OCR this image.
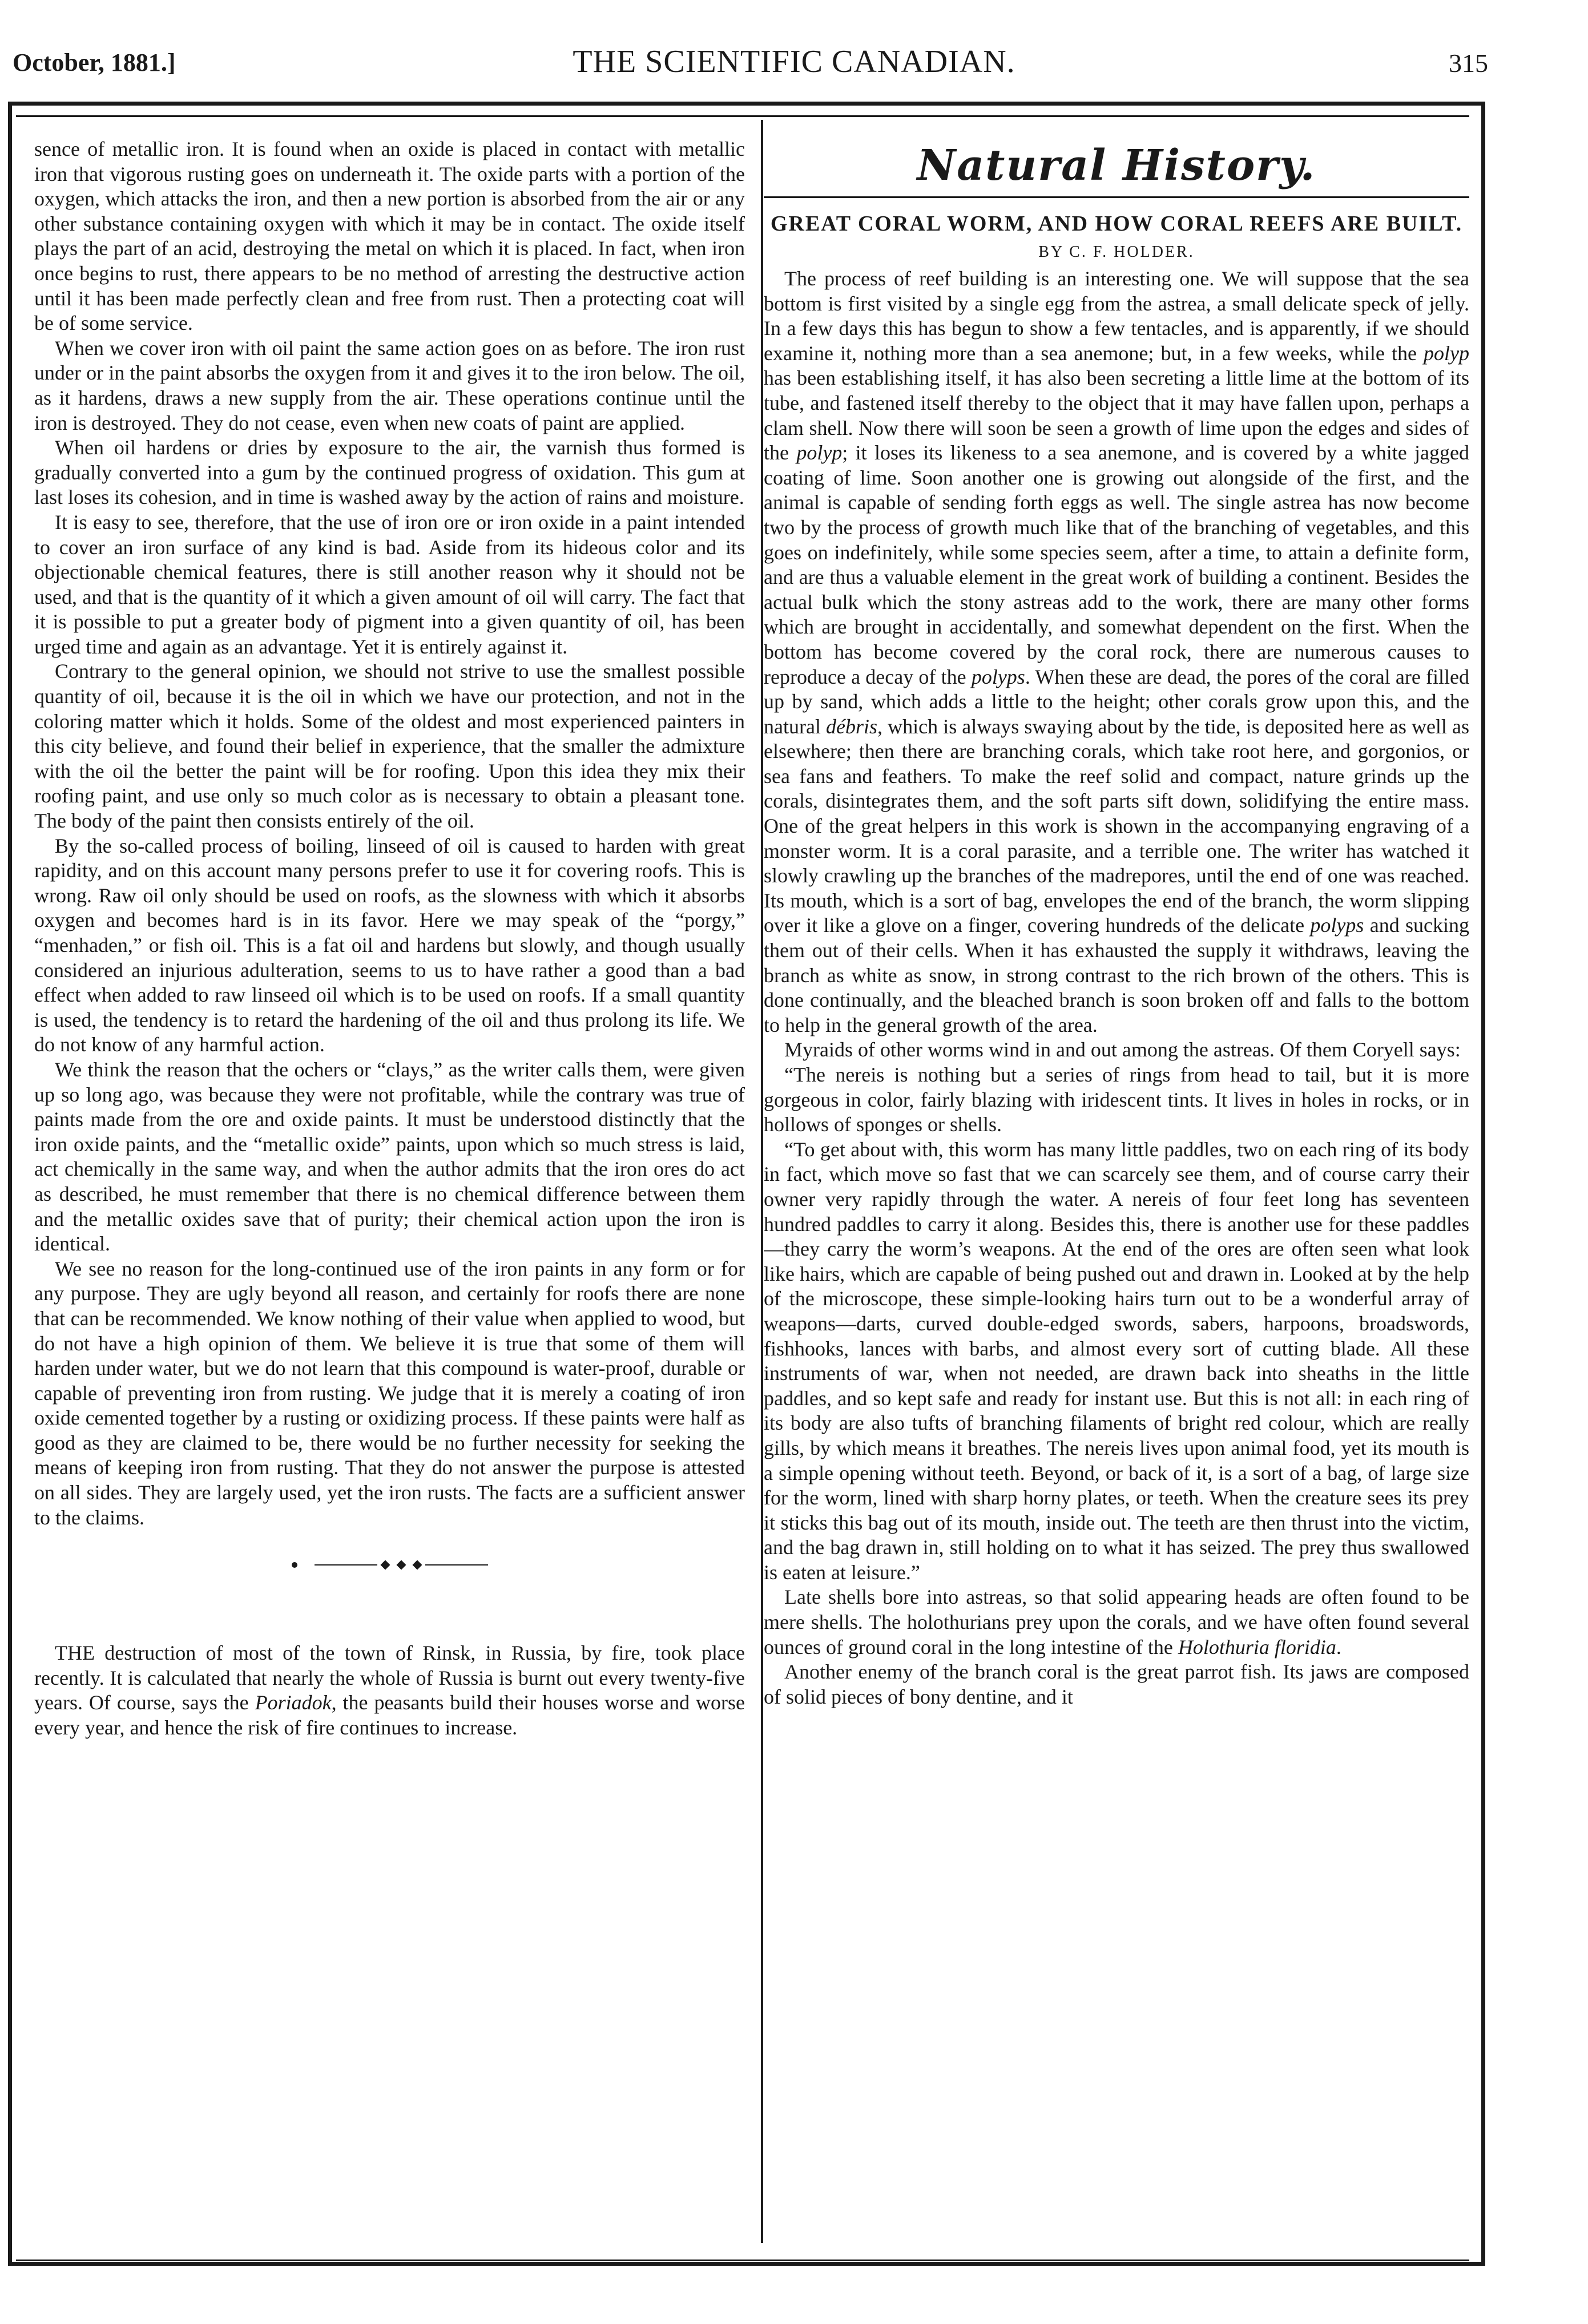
October, 1881.]	THE SCIENTIFIC CANADIAN.	315

sence of metallic iron. It is found when an oxide is placed in contact with metallic iron that vigorous rusting goes on underneath it. The oxide parts with a portion of the oxygen, which attacks the iron, and then a new portion is absorbed from the air or any other substance containing oxygen with which it may be in contact. The oxide itself plays the part of an acid, destroying the metal on which it is placed. In fact, when iron once begins to rust, there appears to be no method of arresting the destructive action until it has been made perfectly clean and free from rust. Then a protecting coat will be of some service.

When we cover iron with oil paint the same action goes on as before. The iron rust under or in the paint absorbs the oxygen from it and gives it to the iron below. The oil, as it hardens, draws a new supply from the air. These operations continue until the iron is destroyed. They do not cease, even when new coats of paint are applied.

When oil hardens or dries by exposure to the air, the varnish thus formed is gradually converted into a gum by the continued progress of oxidation. This gum at last loses its cohesion, and in time is washed away by the action of rains and moisture.

It is easy to see, therefore, that the use of iron ore or iron oxide in a paint intended to cover an iron surface of any kind is bad. Aside from its hideous color and its objectionable chemical features, there is still another reason why it should not be used, and that is the quantity of it which a given amount of oil will carry. The fact that it is possible to put a greater body of pigment into a given quantity of oil, has been urged time and again as an advantage. Yet it is entirely against it.

Contrary to the general opinion, we should not strive to use the smallest possible quantity of oil, because it is the oil in which we have our protection, and not in the coloring matter which it holds. Some of the oldest and most experienced painters in this city believe, and found their belief in experience, that the smaller the admixture with the oil the better the paint will be for roofing. Upon this idea they mix their roofing paint, and use only so much color as is necessary to obtain a pleasant tone. The body of the paint then consists entirely of the oil.

By the so-called process of boiling, linseed of oil is caused to harden with great rapidity, and on this account many persons prefer to use it for covering roofs. This is wrong. Raw oil only should be used on roofs, as the slowness with which it absorbs oxygen and becomes hard is in its favor. Here we may speak of the “porgy,” “menhaden,” or fish oil. This is a fat oil and hardens but slowly, and though usually considered an injurious adulteration, seems to us to have rather a good than a bad effect when added to raw linseed oil which is to be used on roofs. If a small quantity is used, the tendency is to retard the hardening of the oil and thus prolong its life. We do not know of any harmful action.

We think the reason that the ochers or “clays,” as the writer calls them, were given up so long ago, was because they were not profitable, while the contrary was true of paints made from the ore and oxide paints. It must be understood distinctly that the iron oxide paints, and the “metallic oxide” paints, upon which so much stress is laid, act chemically in the same way, and when the author admits that the iron ores do act as described, he must remember that there is no chemical difference between them and the metallic oxides save that of purity; their chemical action upon the iron is identical.

We see no reason for the long-continued use of the iron paints in any form or for any purpose. They are ugly beyond all reason, and certainly for roofs there are none that can be recommended. We know nothing of their value when applied to wood, but do not have a high opinion of them. We believe it is true that some of them will harden under water, but we do not learn that this compound is water-proof, durable or capable of preventing iron from rusting. We judge that it is merely a coating of iron oxide cemented together by a rusting or oxidizing process. If these paints were half as good as they are claimed to be, there would be no further necessity for seeking the means of keeping iron from rusting. That they do not answer the purpose is attested on all sides. They are largely used, yet the iron rusts. The facts are a sufficient answer to the claims.

THE destruction of most of the town of Rinsk, in Russia, by fire, took place recently. It is calculated that nearly the whole of Russia is burnt out every twenty-five years. Of course, says the Poriadok, the peasants build their houses worse and worse every year, and hence the risk of fire continues to increase.

Natural History.
GREAT CORAL WORM, AND HOW CORAL REEFS ARE BUILT.
BY C. F. HOLDER.

The process of reef building is an interesting one. We will suppose that the sea bottom is first visited by a single egg from the astrea, a small delicate speck of jelly. In a few days this has begun to show a few tentacles, and is apparently, if we should examine it, nothing more than a sea anemone; but, in a few weeks, while the polyp has been establishing itself, it has also been secreting a little lime at the bottom of its tube, and fastened itself thereby to the object that it may have fallen upon, perhaps a clam shell. Now there will soon be seen a growth of lime upon the edges and sides of the polyp; it loses its likeness to a sea anemone, and is covered by a white jagged coating of lime. Soon another one is growing out alongside of the first, and the animal is capable of sending forth eggs as well. The single astrea has now become two by the process of growth much like that of the branching of vegetables, and this goes on indefinitely, while some species seem, after a time, to attain a definite form, and are thus a valuable element in the great work of building a continent. Besides the actual bulk which the stony astreas add to the work, there are many other forms which are brought in accidentally, and somewhat dependent on the first. When the bottom has become covered by the coral rock, there are numerous causes to reproduce a decay of the polyps. When these are dead, the pores of the coral are filled up by sand, which adds a little to the height; other corals grow upon this, and the natural débris, which is always swaying about by the tide, is deposited here as well as elsewhere; then there are branching corals, which take root here, and gorgonios, or sea fans and feathers. To make the reef solid and compact, nature grinds up the corals, disintegrates them, and the soft parts sift down, solidifying the entire mass. One of the great helpers in this work is shown in the accompanying engraving of a monster worm. It is a coral parasite, and a terrible one. The writer has watched it slowly crawling up the branches of the madrepores, until the end of one was reached. Its mouth, which is a sort of bag, envelopes the end of the branch, the worm slipping over it like a glove on a finger, covering hundreds of the delicate polyps and sucking them out of their cells. When it has exhausted the supply it withdraws, leaving the branch as white as snow, in strong contrast to the rich brown of the others. This is done continually, and the bleached branch is soon broken off and falls to the bottom to help in the general growth of the area.

Myraids of other worms wind in and out among the astreas. Of them Coryell says:

“The nereis is nothing but a series of rings from head to tail, but it is more gorgeous in color, fairly blazing with iridescent tints. It lives in holes in rocks, or in hollows of sponges or shells.

“To get about with, this worm has many little paddles, two on each ring of its body in fact, which move so fast that we can scarcely see them, and of course carry their owner very rapidly through the water. A nereis of four feet long has seventeen hundred paddles to carry it along. Besides this, there is another use for these paddles—they carry the worm’s weapons. At the end of the ores are often seen what look like hairs, which are capable of being pushed out and drawn in. Looked at by the help of the microscope, these simple-looking hairs turn out to be a wonderful array of weapons—darts, curved double-edged swords, sabers, harpoons, broadswords, fishhooks, lances with barbs, and almost every sort of cutting blade. All these instruments of war, when not needed, are drawn back into sheaths in the little paddles, and so kept safe and ready for instant use. But this is not all: in each ring of its body are also tufts of branching filaments of bright red colour, which are really gills, by which means it breathes. The nereis lives upon animal food, yet its mouth is a simple opening without teeth. Beyond, or back of it, is a sort of a bag, of large size for the worm, lined with sharp horny plates, or teeth. When the creature sees its prey it sticks this bag out of its mouth, inside out. The teeth are then thrust into the victim, and the bag drawn in, still holding on to what it has seized. The prey thus swallowed is eaten at leisure.”

Late shells bore into astreas, so that solid appearing heads are often found to be mere shells. The holothurians prey upon the corals, and we have often found several ounces of ground coral in the long intestine of the Holothuria floridia.

Another enemy of the branch coral is the great parrot fish. Its jaws are composed of solid pieces of bony dentine, and it
